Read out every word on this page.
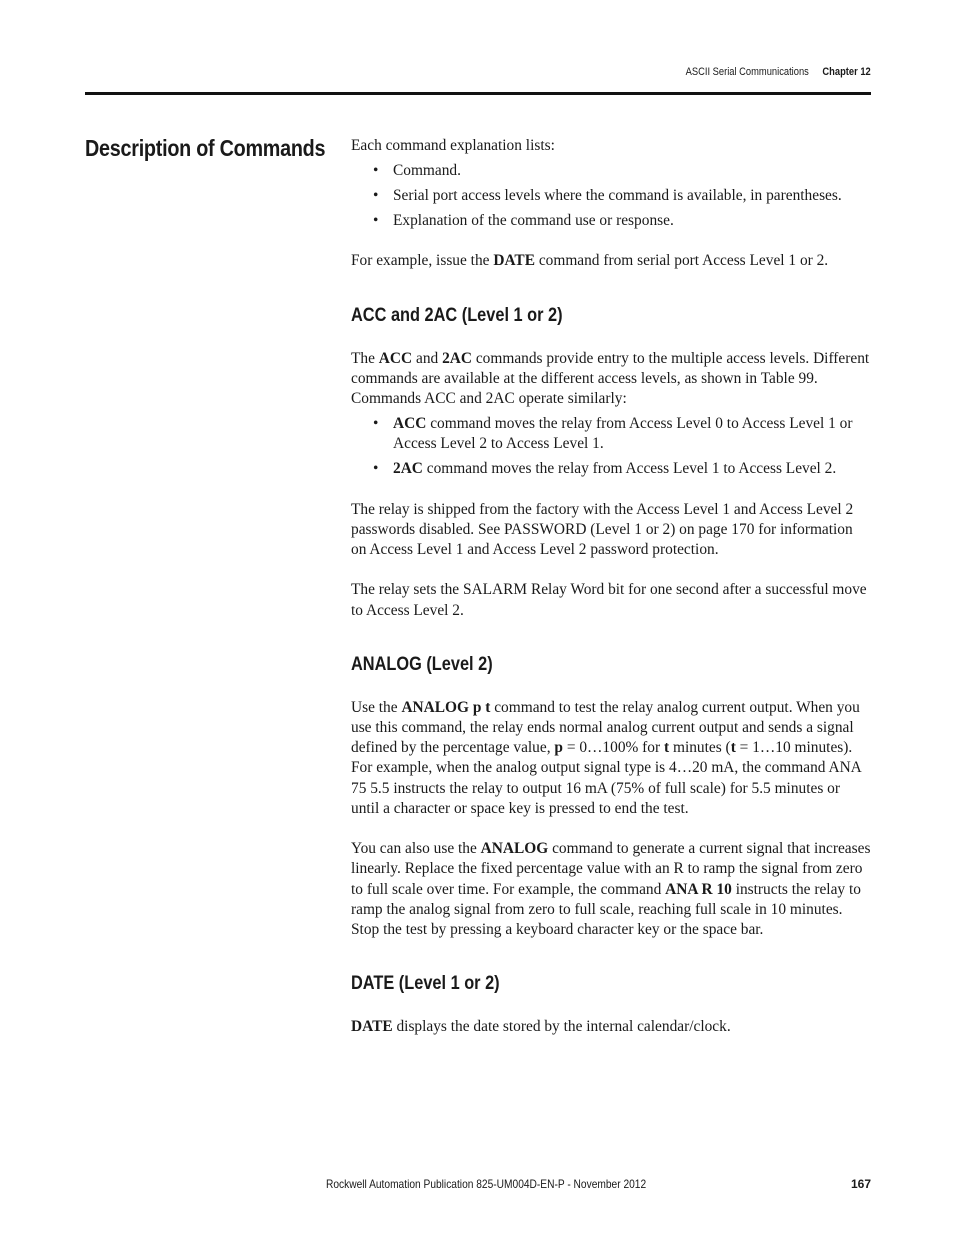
ASCII Serial Communications Chapter 12
Description of Commands Each command explanation lists:

• Command.
• Serial port access levels where the command is available, in parentheses.
• Explanation of the command use or response.

For example, issue the DATE command from serial port Access Level 1 or 2.

ACC and 2AC (Level 1 or 2)

The ACC and 2AC commands provide entry to the multiple access levels. Different commands are available at the different access levels, as shown in Table 99. Commands ACC and 2AC operate similarly:

• ACC command moves the relay from Access Level 0 to Access Level 1 or Access Level 2 to Access Level 1.
• 2AC command moves the relay from Access Level 1 to Access Level 2.

The relay is shipped from the factory with the Access Level 1 and Access Level 2 passwords disabled. See PASSWORD (Level 1 or 2) on page 170 for information on Access Level 1 and Access Level 2 password protection.

The relay sets the SALARM Relay Word bit for one second after a successful move to Access Level 2.

ANALOG (Level 2)

Use the ANALOG p t command to test the relay analog current output. When you use this command, the relay ends normal analog current output and sends a signal defined by the percentage value, p = 0…100% for t minutes (t = 1…10 minutes). For example, when the analog output signal type is 4…20 mA, the command ANA 75 5.5 instructs the relay to output 16 mA (75% of full scale) for 5.5 minutes or until a character or space key is pressed to end the test.

You can also use the ANALOG command to generate a current signal that increases linearly. Replace the fixed percentage value with an R to ramp the signal from zero to full scale over time. For example, the command ANA R 10 instructs the relay to ramp the analog signal from zero to full scale, reaching full scale in 10 minutes. Stop the test by pressing a keyboard character key or the space bar.

DATE (Level 1 or 2)

DATE displays the date stored by the internal calendar/clock.

Rockwell Automation Publication 825-UM004D-EN-P - November 2012	167
